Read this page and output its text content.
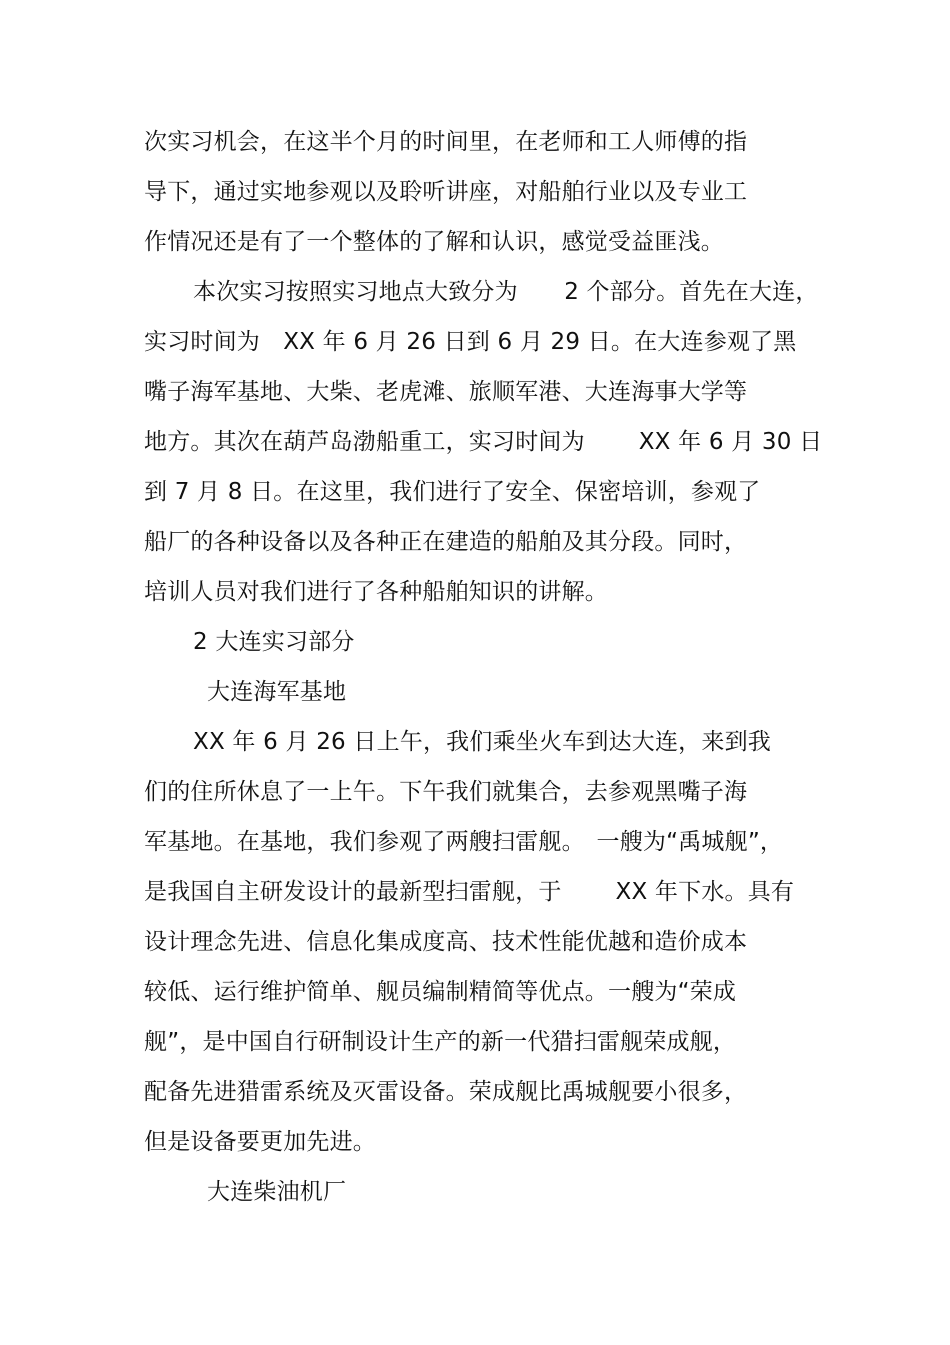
次实习机会，在这半个月的时间里，在老师和工人师傅的指
导下，通过实地参观以及聆听讲座，对船舶行业以及专业工
作情况还是有了一个整体的了解和认识，感觉受益匪浅。
本次实习按照实习地点大致分为　　2 个部分。首先在大连，
实习时间为　XX 年 6 月 26 日到 6 月 29 日。在大连参观了黑
嘴子海军基地、大柴、老虎滩、旅顺军港、大连海事大学等
地方。其次在葫芦岛渤船重工，实习时间为　　 XX 年 6 月 30 日
到 7 月 8 日。在这里，我们进行了安全、保密培训，参观了
船厂的各种设备以及各种正在建造的船舶及其分段。同时，
培训人员对我们进行了各种船舶知识的讲解。
2 大连实习部分
大连海军基地
XX 年 6 月 26 日上午，我们乘坐火车到达大连，来到我
们的住所休息了一上午。下午我们就集合，去参观黑嘴子海
军基地。在基地，我们参观了两艘扫雷舰。　一艘为“禹城舰”，
是我国自主研发设计的最新型扫雷舰，于　　 XX 年下水。具有
设计理念先进、信息化集成度高、技术性能优越和造价成本
较低、运行维护简单、舰员编制精简等优点。一艘为“荣成
舰”，是中国自行研制设计生产的新一代猎扫雷舰荣成舰，
配备先进猎雷系统及灭雷设备。荣成舰比禹城舰要小很多，
但是设备要更加先进。
大连柴油机厂
